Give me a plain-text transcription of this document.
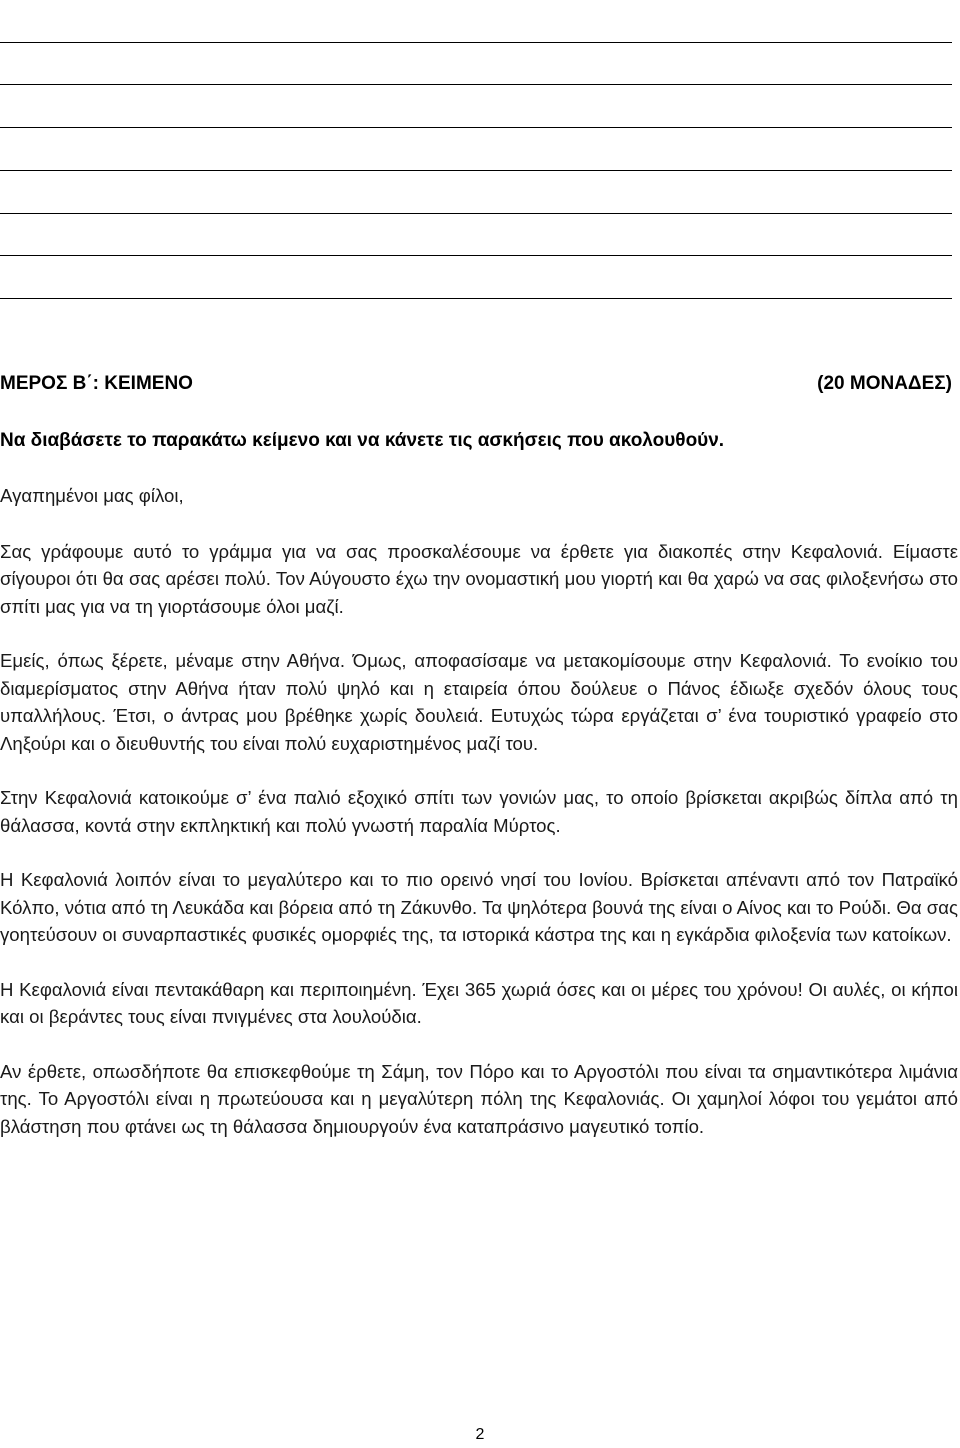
ΜΕΡΟΣ Β΄: ΚΕΙΜΕΝΟ	(20 ΜΟΝΑΔΕΣ)
Να διαβάσετε το παρακάτω κείμενο και να κάνετε τις ασκήσεις που ακολουθούν.

Αγαπημένοι μας φίλοι,

Σας γράφουμε αυτό το γράμμα για να σας προσκαλέσουμε να έρθετε για διακοπές στην Κεφαλονιά. Είμαστε σίγουροι ότι θα σας αρέσει πολύ. Τον Αύγουστο έχω την ονομαστική μου γιορτή και θα χαρώ να σας φιλοξενήσω στο σπίτι μας για να τη γιορτάσουμε όλοι μαζί.

Εμείς, όπως ξέρετε, μέναμε στην Αθήνα. Όμως, αποφασίσαμε να μετακομίσουμε στην Κεφαλονιά. Το ενοίκιο του διαμερίσματος στην Αθήνα ήταν πολύ ψηλό και η εταιρεία όπου δούλευε ο Πάνος έδιωξε σχεδόν όλους τους υπαλλήλους. Έτσι, ο άντρας μου βρέθηκε χωρίς δουλειά. Ευτυχώς τώρα εργάζεται σ’ ένα τουριστικό γραφείο στο Ληξούρι και ο διευθυντής του είναι πολύ ευχαριστημένος μαζί του.

Στην Κεφαλονιά κατοικούμε σ’ ένα παλιό εξοχικό σπίτι των γονιών μας, το οποίο βρίσκεται ακριβώς δίπλα από τη θάλασσα, κοντά στην εκπληκτική και πολύ γνωστή παραλία Μύρτος.

Η Κεφαλονιά λοιπόν είναι το μεγαλύτερο και το πιο ορεινό νησί του Ιονίου. Βρίσκεται απέναντι από τον Πατραϊκό Κόλπο, νότια από τη Λευκάδα και βόρεια από τη Ζάκυνθο. Τα ψηλότερα βουνά της είναι ο Αίνος και το Ρούδι. Θα σας γοητεύσουν οι συναρπαστικές φυσικές ομορφιές της, τα ιστορικά κάστρα της και η εγκάρδια φιλοξενία των κατοίκων.

Η Κεφαλονιά είναι πεντακάθαρη και περιποιημένη. Έχει 365 χωριά όσες και οι μέρες του χρόνου! Οι αυλές, οι κήποι και οι βεράντες τους είναι πνιγμένες στα λουλούδια.

Αν έρθετε, οπωσδήποτε θα επισκεφθούμε τη Σάμη, τον Πόρο και το Αργοστόλι που είναι τα σημαντικότερα λιμάνια της. Το Αργοστόλι είναι η πρωτεύουσα και η μεγαλύτερη πόλη της Κεφαλονιάς. Οι χαμηλοί λόφοι του γεμάτοι από βλάστηση που φτάνει ως τη θάλασσα δημιουργούν ένα καταπράσινο μαγευτικό τοπίο.

2
